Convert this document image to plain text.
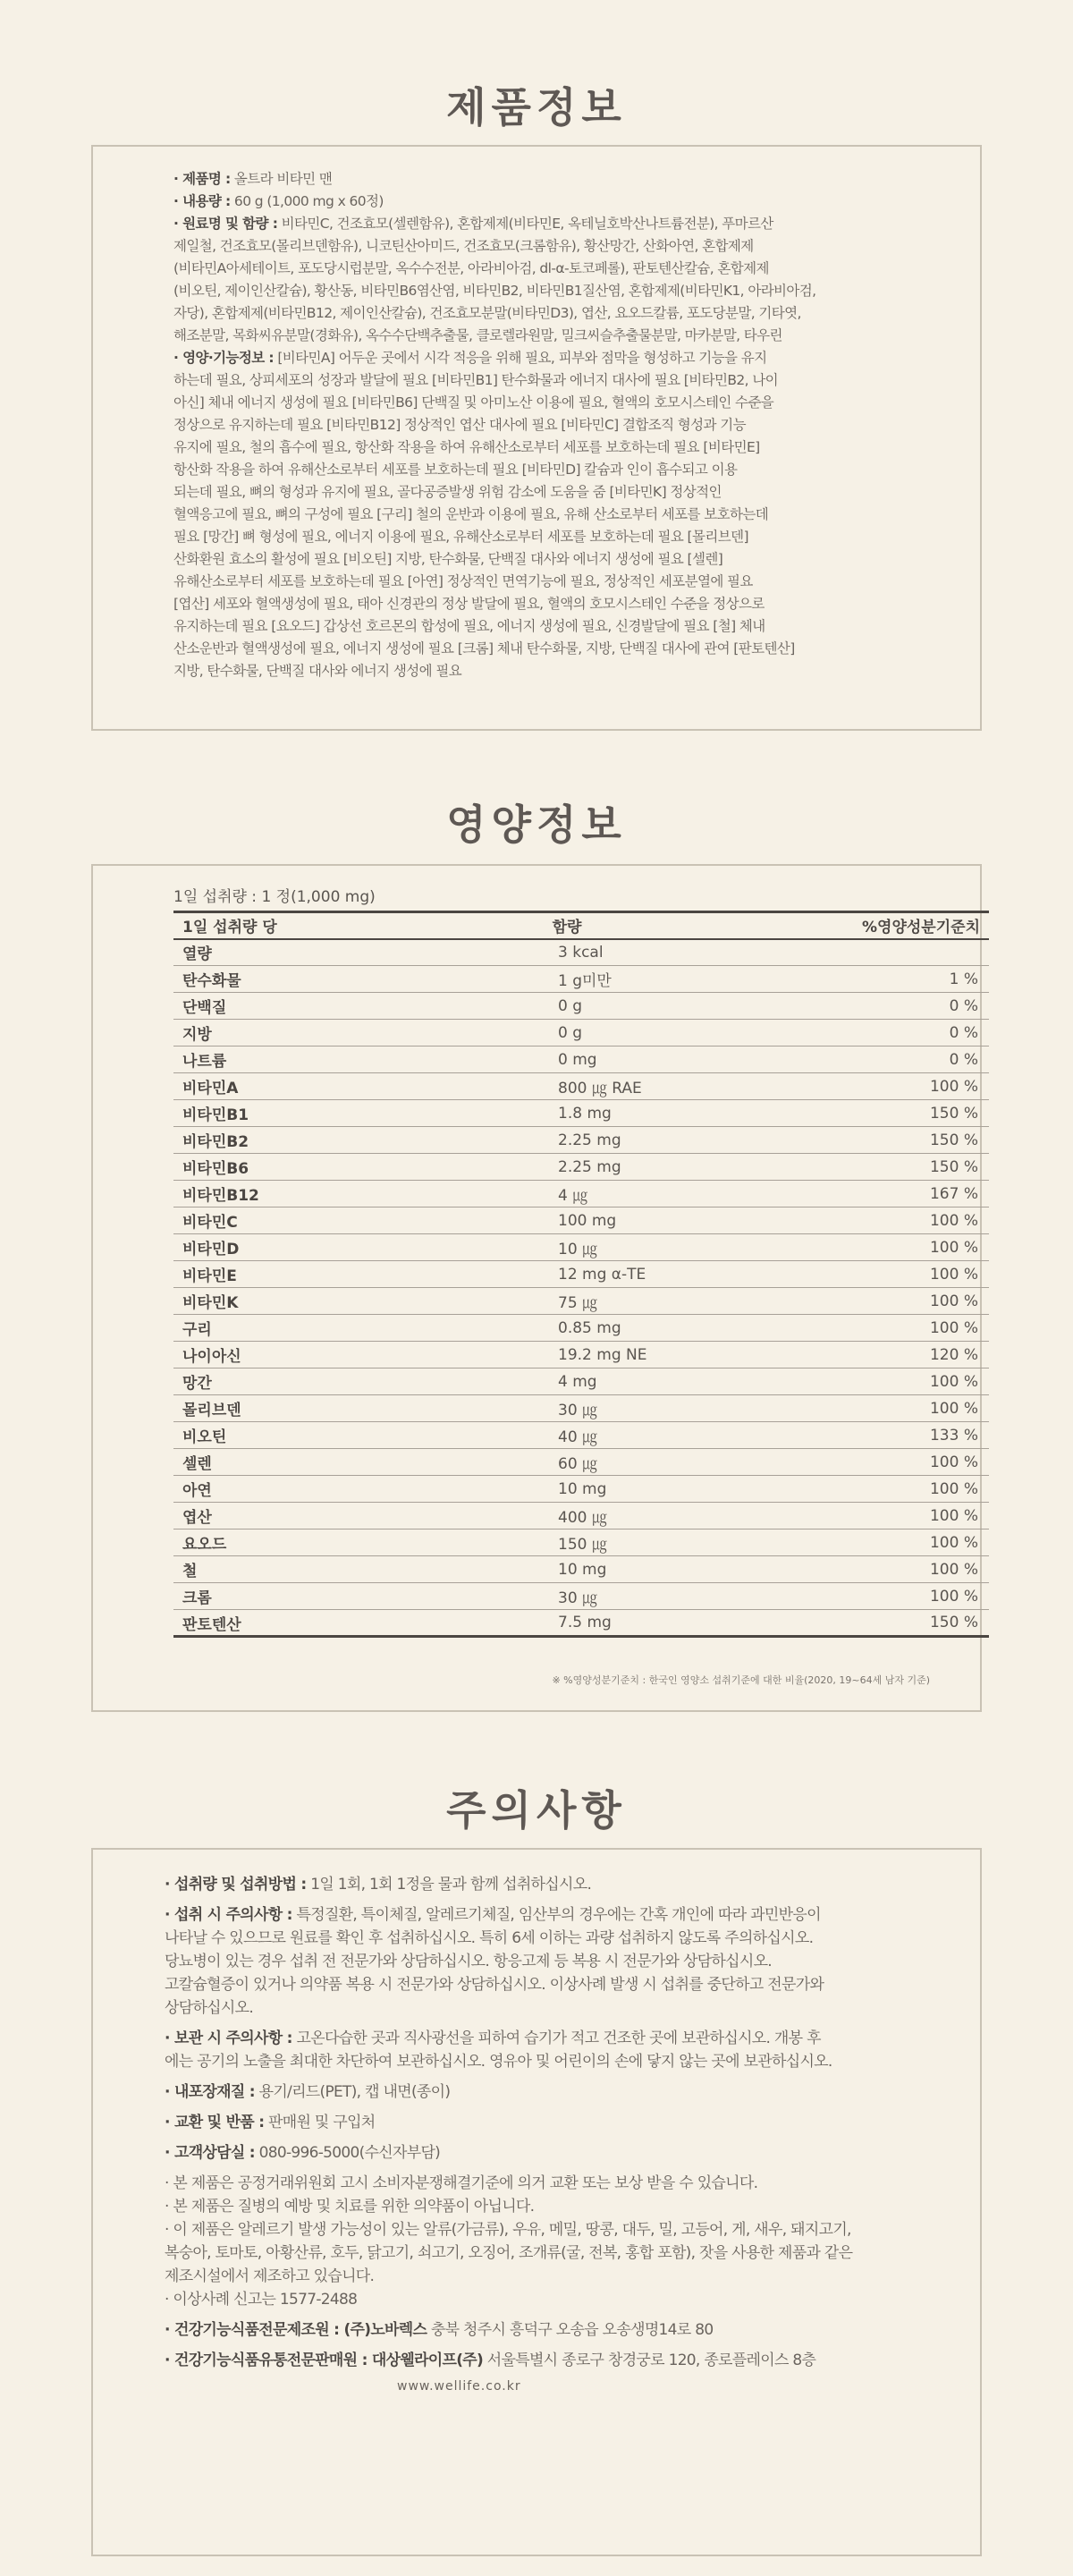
제품정보
· 제품명 : 올트라 비타민 맨
· 내용량 : 60 g (1,000 mg x 60정)
· 원료명 및 함량 : 비타민C, 건조효모(셀렌함유), 혼합제제(비타민E, 옥테닐호박산나트륨전분), 푸마르산
제일철, 건조효모(몰리브덴함유), 니코틴산아미드, 건조효모(크롬함유), 황산망간, 산화아연, 혼합제제
(비타민A아세테이트, 포도당시럽분말, 옥수수전분, 아라비아검, dl-α-토코페롤), 판토텐산칼슘, 혼합제제
(비오틴, 제이인산칼슘), 황산동, 비타민B6염산염, 비타민B2, 비타민B1질산염, 혼합제제(비타민K1, 아라비아검,
자당), 혼합제제(비타민B12, 제이인산칼슘), 건조효모분말(비타민D3), 엽산, 요오드칼륨, 포도당분말, 기타엿,
해조분말, 목화씨유분말(경화유), 옥수수단백추출물, 클로렐라원말, 밀크씨슬추출물분말, 마카분말, 타우린
· 영양·기능정보 : [비타민A] 어두운 곳에서 시각 적응을 위해 필요, 피부와 점막을 형성하고 기능을 유지
하는데 필요, 상피세포의 성장과 발달에 필요 [비타민B1] 탄수화물과 에너지 대사에 필요 [비타민B2, 나이
아신] 체내 에너지 생성에 필요 [비타민B6] 단백질 및 아미노산 이용에 필요, 혈액의 호모시스테인 수준을
정상으로 유지하는데 필요 [비타민B12] 정상적인 엽산 대사에 필요 [비타민C] 결합조직 형성과 기능
유지에 필요, 철의 흡수에 필요, 항산화 작용을 하여 유해산소로부터 세포를 보호하는데 필요 [비타민E]
항산화 작용을 하여 유해산소로부터 세포를 보호하는데 필요 [비타민D] 칼슘과 인이 흡수되고 이용
되는데 필요, 뼈의 형성과 유지에 필요, 골다공증발생 위험 감소에 도움을 줌 [비타민K] 정상적인
혈액응고에 필요, 뼈의 구성에 필요 [구리] 철의 운반과 이용에 필요, 유해 산소로부터 세포를 보호하는데
필요 [망간] 뼈 형성에 필요, 에너지 이용에 필요, 유해산소로부터 세포를 보호하는데 필요 [몰리브덴]
산화환원 효소의 활성에 필요 [비오틴] 지방, 탄수화물, 단백질 대사와 에너지 생성에 필요 [셀렌]
유해산소로부터 세포를 보호하는데 필요 [아연] 정상적인 면역기능에 필요, 정상적인 세포분열에 필요
[엽산] 세포와 혈액생성에 필요, 태아 신경관의 정상 발달에 필요, 혈액의 호모시스테인 수준을 정상으로
유지하는데 필요 [요오드] 갑상선 호르몬의 합성에 필요, 에너지 생성에 필요, 신경발달에 필요 [철] 체내
산소운반과 혈액생성에 필요, 에너지 생성에 필요 [크롬] 체내 탄수화물, 지방, 단백질 대사에 관여 [판토텐산]
지방, 탄수화물, 단백질 대사와 에너지 생성에 필요
영양정보
1일 섭취량 : 1 정(1,000 mg)
1일 섭취량 당	함량	%영양성분기준치
열량	3 kcal	
탄수화물	1 g미만	1 %
단백질	0 g	0 %
지방	0 g	0 %
나트륨	0 mg	0 %
비타민A	800 ㎍ RAE	100 %
비타민B1	1.8 mg	150 %
비타민B2	2.25 mg	150 %
비타민B6	2.25 mg	150 %
비타민B12	4 ㎍	167 %
비타민C	100 mg	100 %
비타민D	10 ㎍	100 %
비타민E	12 mg α-TE	100 %
비타민K	75 ㎍	100 %
구리	0.85 mg	100 %
나이아신	19.2 mg NE	120 %
망간	4 mg	100 %
몰리브덴	30 ㎍	100 %
비오틴	40 ㎍	133 %
셀렌	60 ㎍	100 %
아연	10 mg	100 %
엽산	400 ㎍	100 %
요오드	150 ㎍	100 %
철	10 mg	100 %
크롬	30 ㎍	100 %
판토텐산	7.5 mg	150 %
※ %영양성분기준치 : 한국인 영양소 섭취기준에 대한 비율(2020, 19~64세 남자 기준)
주의사항
· 섭취량 및 섭취방법 : 1일 1회, 1회 1정을 물과 함께 섭취하십시오.
· 섭취 시 주의사항 : 특정질환, 특이체질, 알레르기체질, 임산부의 경우에는 간혹 개인에 따라 과민반응이
나타날 수 있으므로 원료를 확인 후 섭취하십시오. 특히 6세 이하는 과량 섭취하지 않도록 주의하십시오.
당뇨병이 있는 경우 섭취 전 전문가와 상담하십시오. 항응고제 등 복용 시 전문가와 상담하십시오.
고칼슘혈증이 있거나 의약품 복용 시 전문가와 상담하십시오. 이상사례 발생 시 섭취를 중단하고 전문가와
상담하십시오.
· 보관 시 주의사항 : 고온다습한 곳과 직사광선을 피하여 습기가 적고 건조한 곳에 보관하십시오. 개봉 후
에는 공기의 노출을 최대한 차단하여 보관하십시오. 영유아 및 어린이의 손에 닿지 않는 곳에 보관하십시오.
· 내포장재질 : 용기/리드(PET), 캡 내면(종이)
· 교환 및 반품 : 판매원 및 구입처
· 고객상담실 : 080-996-5000(수신자부담)
· 본 제품은 공정거래위원회 고시 소비자분쟁해결기준에 의거 교환 또는 보상 받을 수 있습니다.
· 본 제품은 질병의 예방 및 치료를 위한 의약품이 아닙니다.
· 이 제품은 알레르기 발생 가능성이 있는 알류(가금류), 우유, 메밀, 땅콩, 대두, 밀, 고등어, 게, 새우, 돼지고기,
복숭아, 토마토, 아황산류, 호두, 닭고기, 쇠고기, 오징어, 조개류(굴, 전복, 홍합 포함), 잣을 사용한 제품과 같은
제조시설에서 제조하고 있습니다.
· 이상사례 신고는 1577-2488
· 건강기능식품전문제조원 : (주)노바렉스 충북 청주시 흥덕구 오송읍 오송생명14로 80
· 건강기능식품유통전문판매원 : 대상웰라이프(주) 서울특별시 종로구 창경궁로 120, 종로플레이스 8층
www.wellife.co.kr
